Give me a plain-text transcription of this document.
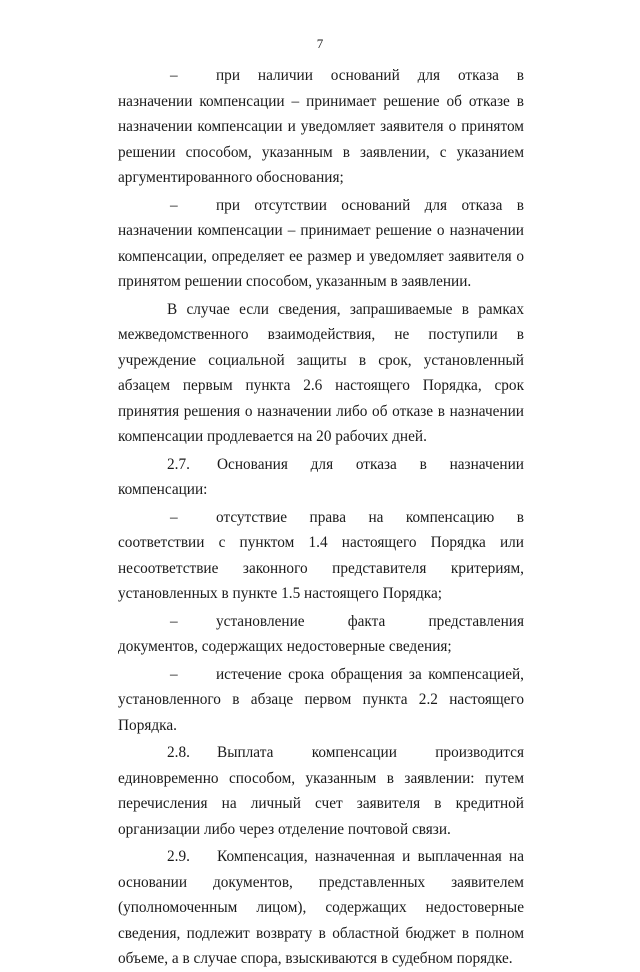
7

–	при наличии оснований для отказа в назначении компенсации – принимает решение об отказе в назначении компенсации и уведомляет заявителя о принятом решении способом, указанным в заявлении, с указанием аргументированного обоснования;

–	при отсутствии оснований для отказа в назначении компенсации – принимает решение о назначении компенсации, определяет ее размер и уведомляет заявителя о принятом решении способом, указанным в заявлении.

В случае если сведения, запрашиваемые в рамках межведомственного взаимодействия, не поступили в учреждение социальной защиты в срок, установленный абзацем первым пункта 2.6 настоящего Порядка, срок принятия решения о назначении либо об отказе в назначении компенсации продлевается на 20 рабочих дней.

2.7. Основания для отказа в назначении компенсации:

–	отсутствие права на компенсацию в соответствии с пунктом 1.4 настоящего Порядка или несоответствие законного представителя критериям, установленных в пункте 1.5 настоящего Порядка;

–	установление факта представления документов, содержащих недостоверные сведения;

–	истечение срока обращения за компенсацией, установленного в абзаце первом пункта 2.2 настоящего Порядка.

2.8. Выплата компенсации производится единовременно способом, указанным в заявлении: путем перечисления на личный счет заявителя в кредитной организации либо через отделение почтовой связи.

2.9. Компенсация, назначенная и выплаченная на основании документов, представленных заявителем (уполномоченным лицом), содержащих недостоверные сведения, подлежит возврату в областной бюджет в полном объеме, а в случае спора, взыскиваются в судебном порядке.
